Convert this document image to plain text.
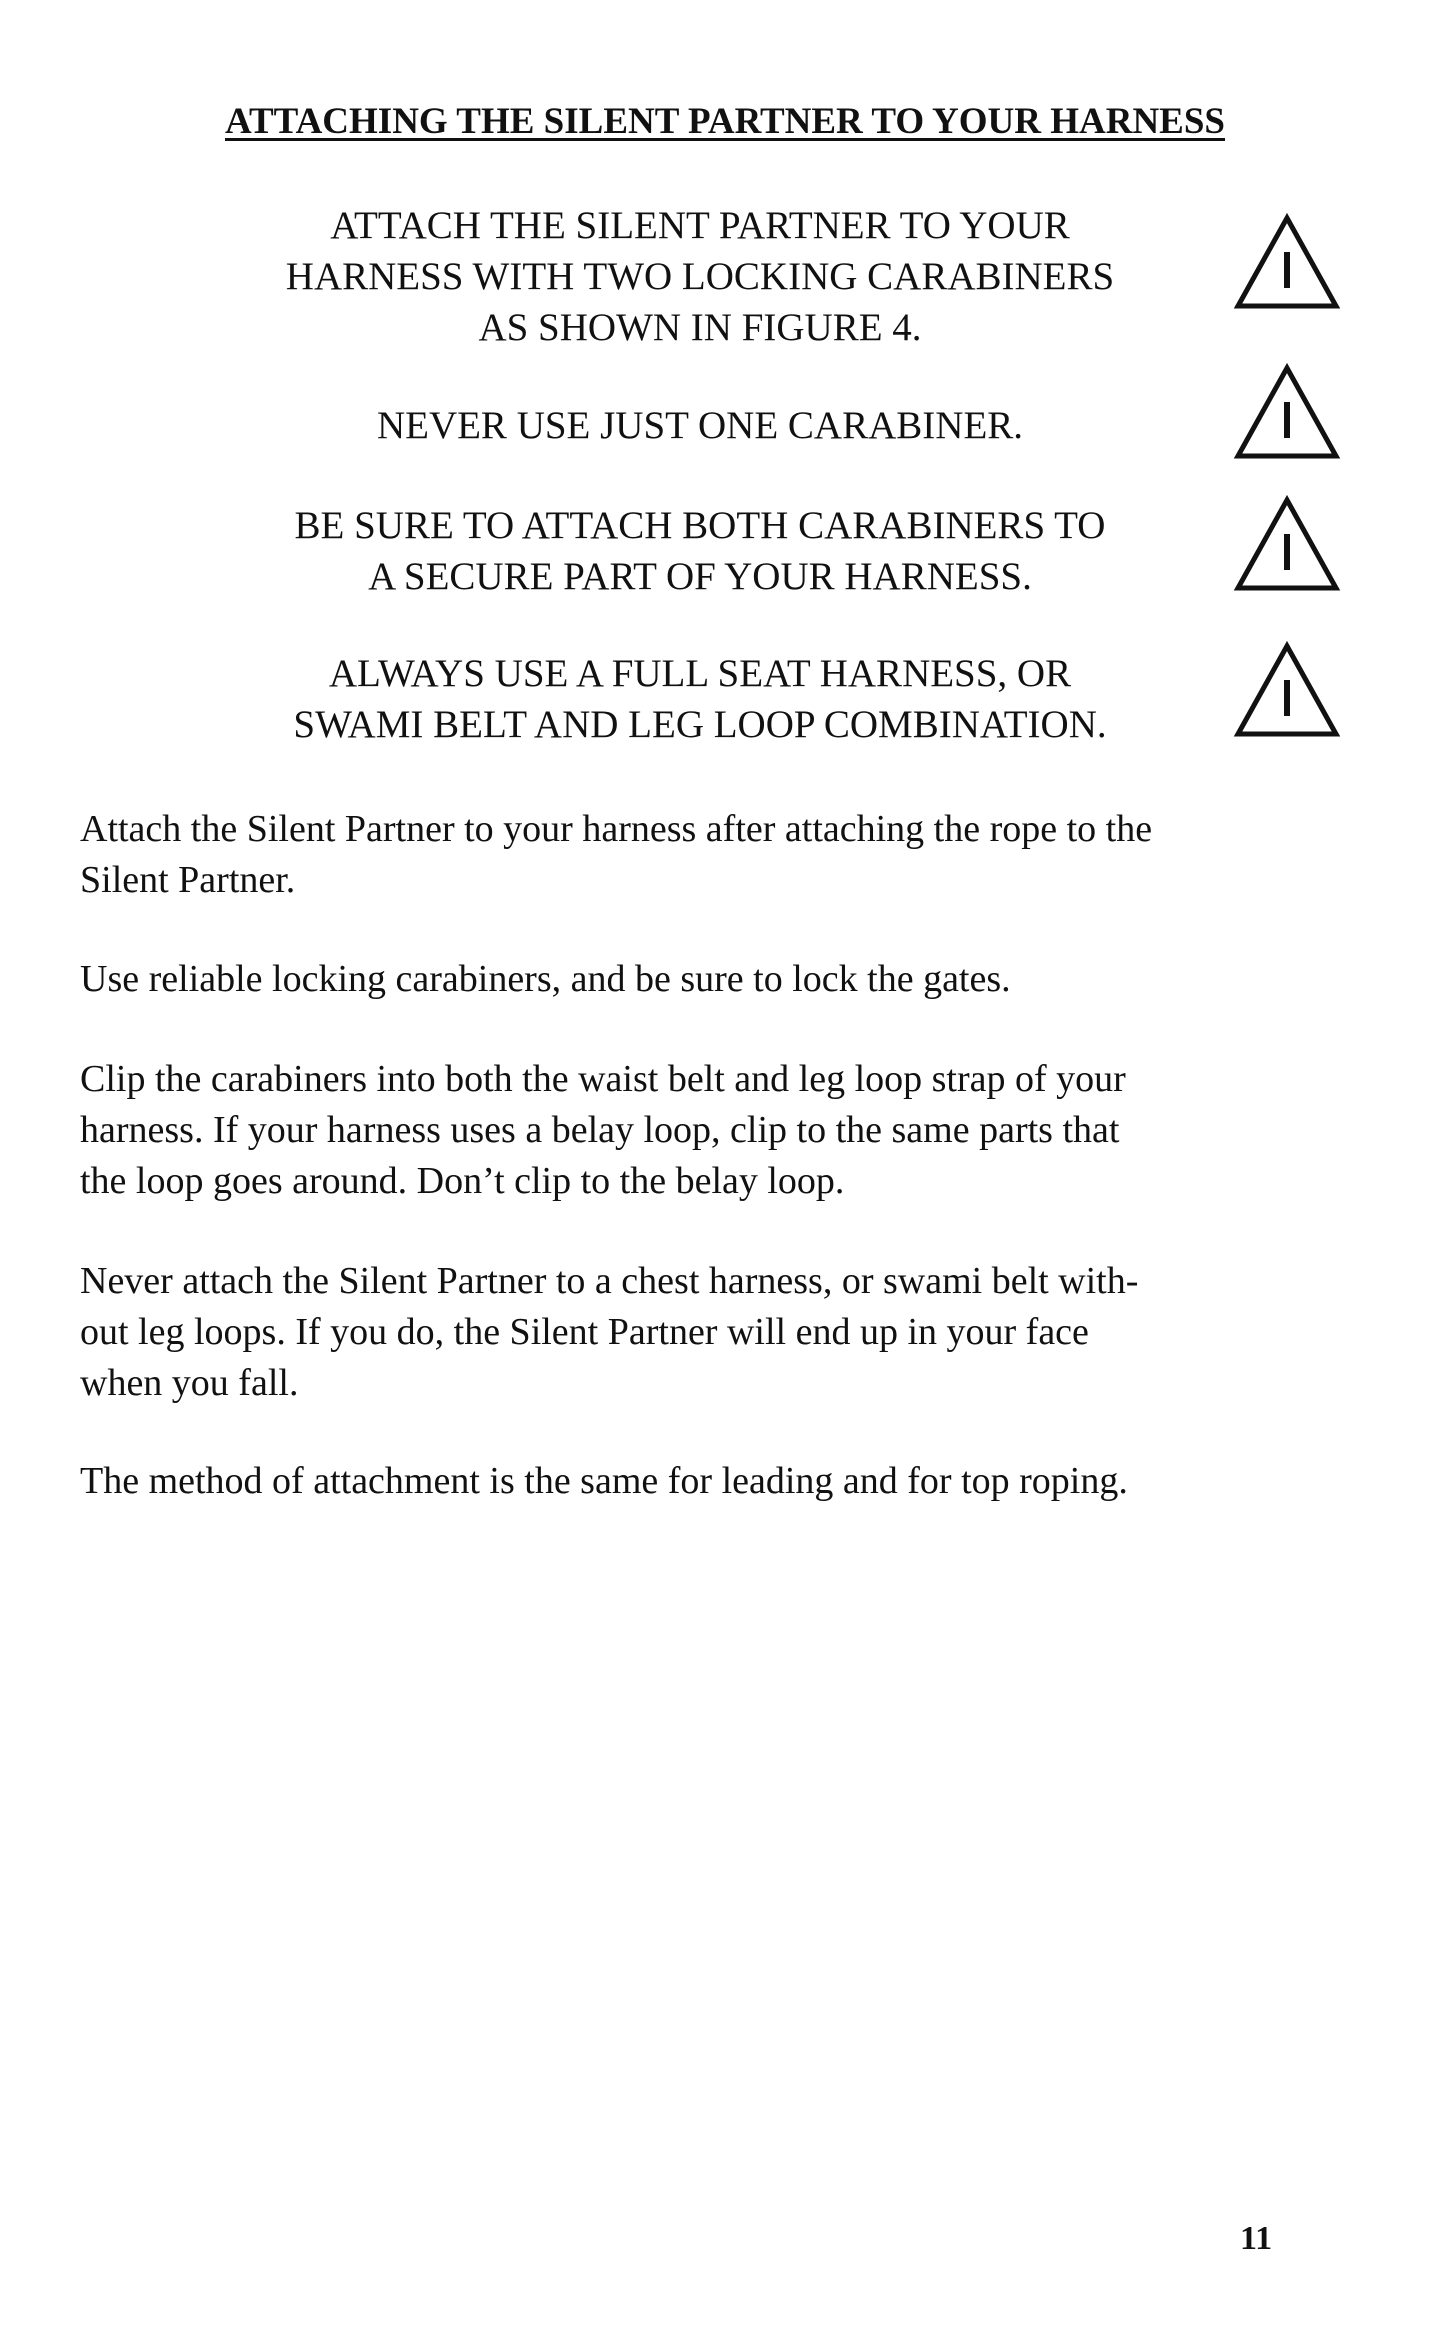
ATTACHING THE SILENT PARTNER TO YOUR HARNESS
ATTACH THE SILENT PARTNER TO YOUR
HARNESS WITH TWO LOCKING CARABINERS
AS SHOWN IN FIGURE 4.
NEVER USE JUST ONE CARABINER.
BE SURE TO ATTACH BOTH CARABINERS TO
A SECURE PART OF YOUR HARNESS.
ALWAYS USE A FULL SEAT HARNESS, OR
SWAMI BELT AND LEG LOOP COMBINATION.

Attach the Silent Partner to your harness after attaching the rope to the
Silent Partner.

Use reliable locking carabiners, and be sure to lock the gates.

Clip the carabiners into both the waist belt and leg loop strap of your
harness. If your harness uses a belay loop, clip to the same parts that
the loop goes around. Don’t clip to the belay loop.

Never attach the Silent Partner to a chest harness, or swami belt with-
out leg loops. If you do, the Silent Partner will end up in your face
when you fall.

The method of attachment is the same for leading and for top roping.

11
